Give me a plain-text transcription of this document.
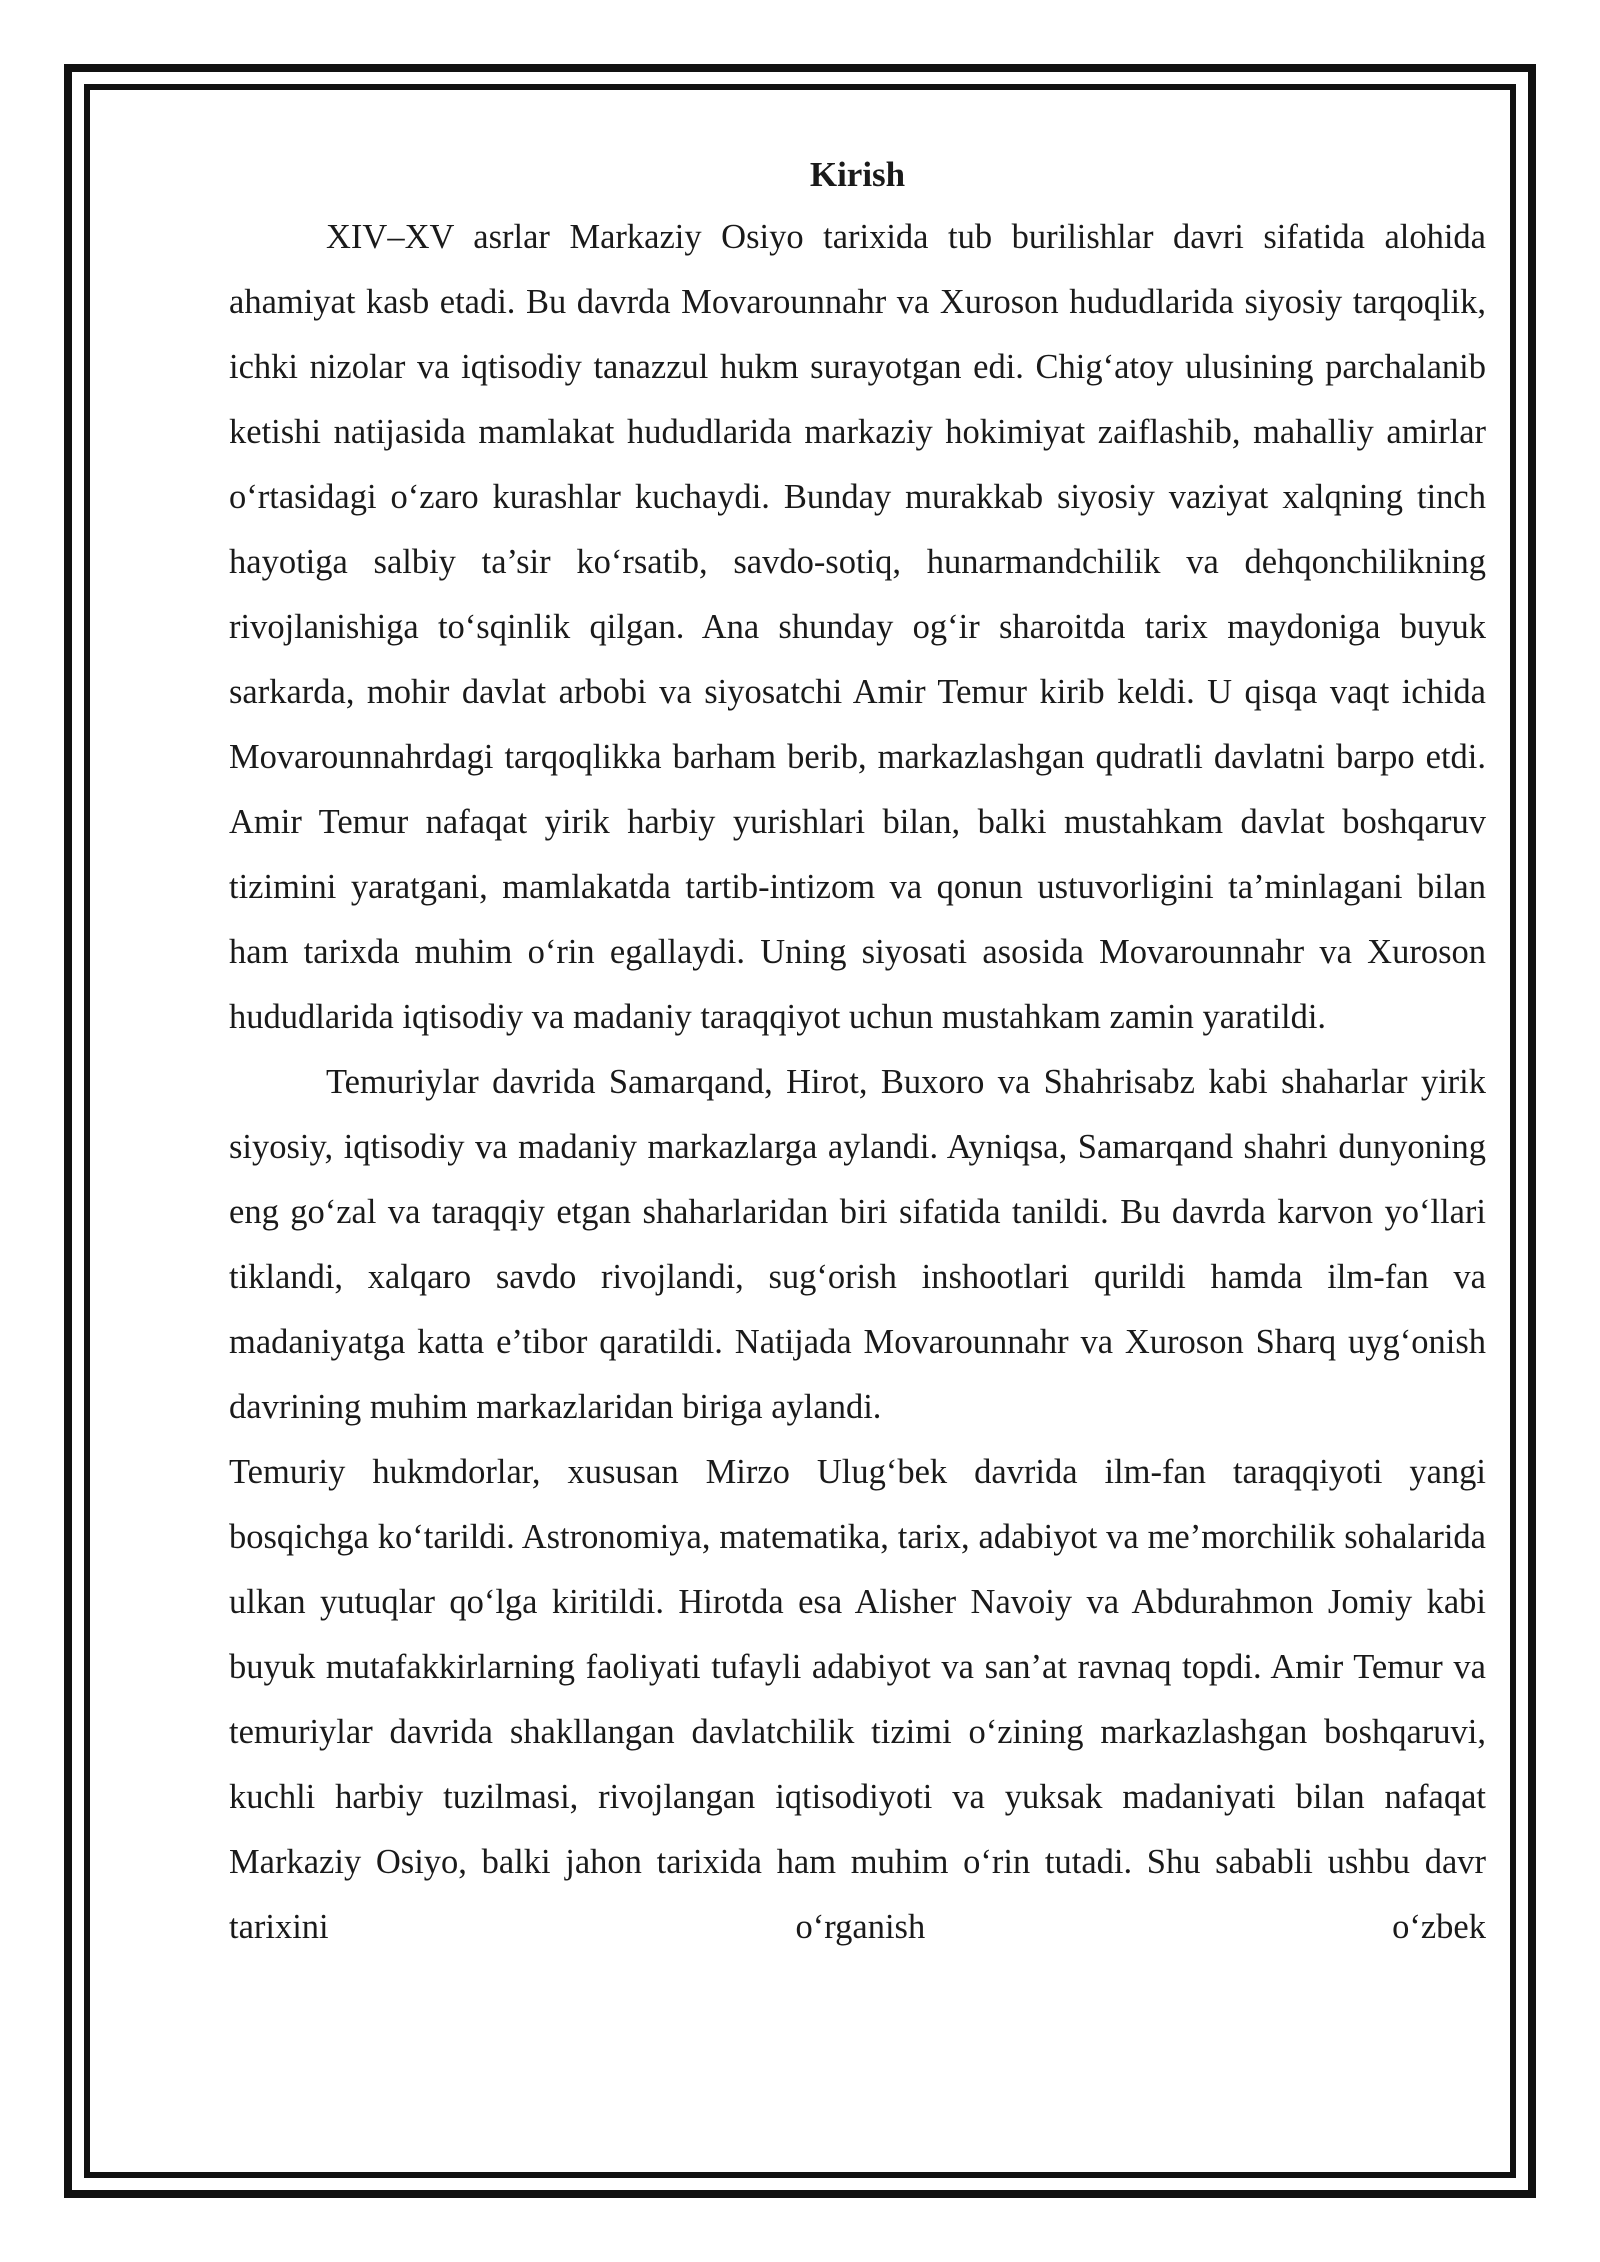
Kirish

XIV–XV asrlar Markaziy Osiyo tarixida tub burilishlar davri sifatida alohida ahamiyat kasb etadi. Bu davrda Movarounnahr va Xuroson hududlarida siyosiy tarqoqlik, ichki nizolar va iqtisodiy tanazzul hukm surayotgan edi. Chig‘atoy ulusining parchalanib ketishi natijasida mamlakat hududlarida markaziy hokimiyat zaiflashib, mahalliy amirlar o‘rtasidagi o‘zaro kurashlar kuchaydi. Bunday murakkab siyosiy vaziyat xalqning tinch hayotiga salbiy ta’sir ko‘rsatib, savdo-sotiq, hunarmandchilik va dehqonchilikning rivojlanishiga to‘sqinlik qilgan. Ana shunday og‘ir sharoitda tarix maydoniga buyuk sarkarda, mohir davlat arbobi va siyosatchi Amir Temur kirib keldi. U qisqa vaqt ichida Movarounnahrdagi tarqoqlikka barham berib, markazlashgan qudratli davlatni barpo etdi. Amir Temur nafaqat yirik harbiy yurishlari bilan, balki mustahkam davlat boshqaruv tizimini yaratgani, mamlakatda tartib-intizom va qonun ustuvorligini ta’minlagani bilan ham tarixda muhim o‘rin egallaydi. Uning siyosati asosida Movarounnahr va Xuroson hududlarida iqtisodiy va madaniy taraqqiyot uchun mustahkam zamin yaratildi.

Temuriylar davrida Samarqand, Hirot, Buxoro va Shahrisabz kabi shaharlar yirik siyosiy, iqtisodiy va madaniy markazlarga aylandi. Ayniqsa, Samarqand shahri dunyoning eng go‘zal va taraqqiy etgan shaharlaridan biri sifatida tanildi. Bu davrda karvon yo‘llari tiklandi, xalqaro savdo rivojlandi, sug‘orish inshootlari qurildi hamda ilm-fan va madaniyatga katta e’tibor qaratildi. Natijada Movarounnahr va Xuroson Sharq uyg‘onish davrining muhim markazlaridan biriga aylandi.

Temuriy hukmdorlar, xususan Mirzo Ulug‘bek davrida ilm-fan taraqqiyoti yangi bosqichga ko‘tarildi. Astronomiya, matematika, tarix, adabiyot va me’morchilik sohalarida ulkan yutuqlar qo‘lga kiritildi. Hirotda esa Alisher Navoiy va Abdurahmon Jomiy kabi buyuk mutafakkirlarning faoliyati tufayli adabiyot va san’at ravnaq topdi. Amir Temur va temuriylar davrida shakllangan davlatchilik tizimi o‘zining markazlashgan boshqaruvi, kuchli harbiy tuzilmasi, rivojlangan iqtisodiyoti va yuksak madaniyati bilan nafaqat Markaziy Osiyo, balki jahon tarixida ham muhim o‘rin tutadi. Shu sababli ushbu davr tarixini o‘rganish o‘zbek
